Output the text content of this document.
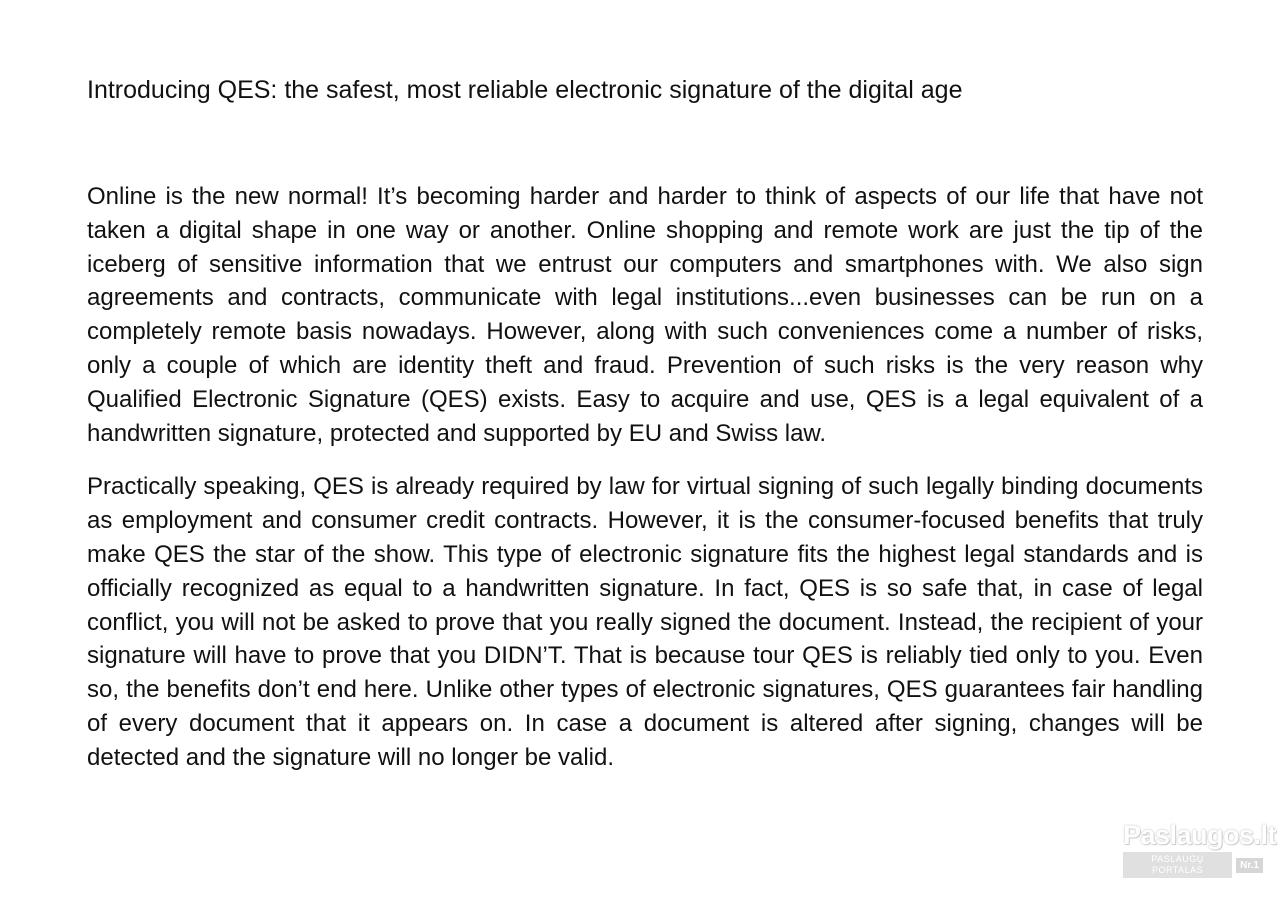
Introducing QES: the safest, most reliable electronic signature of the digital age

Online is the new normal! It’s becoming harder and harder to think of aspects of our life that have not taken a digital shape in one way or another. Online shopping and remote work are just the tip of the iceberg of sensitive information that we entrust our computers and smartphones with. We also sign agreements and contracts, communicate with legal institutions...even businesses can be run on a completely remote basis nowadays. However, along with such conveniences come a number of risks, only a couple of which are identity theft and fraud. Prevention of such risks is the very reason why Qualified Electronic Signature (QES) exists. Easy to acquire and use, QES is a legal equivalent of a handwritten signature, protected and supported by EU and Swiss law.

Practically speaking, QES is already required by law for virtual signing of such legally binding documents as employment and consumer credit contracts. However, it is the consumer-focused benefits that truly make QES the star of the show. This type of electronic signature fits the highest legal standards and is officially recognized as equal to a handwritten signature. In fact, QES is so safe that, in case of legal conflict, you will not be asked to prove that you really signed the document. Instead, the recipient of your signature will have to prove that you DIDN’T. That is because tour QES is reliably tied only to you. Even so, the benefits don’t end here. Unlike other types of electronic signatures, QES guarantees fair handling of every document that it appears on. In case a document is altered after signing, changes will be detected and the signature will no longer be valid.

Paslaugos.lt
PASLAUGŲ PORTALAS	Nr.1
